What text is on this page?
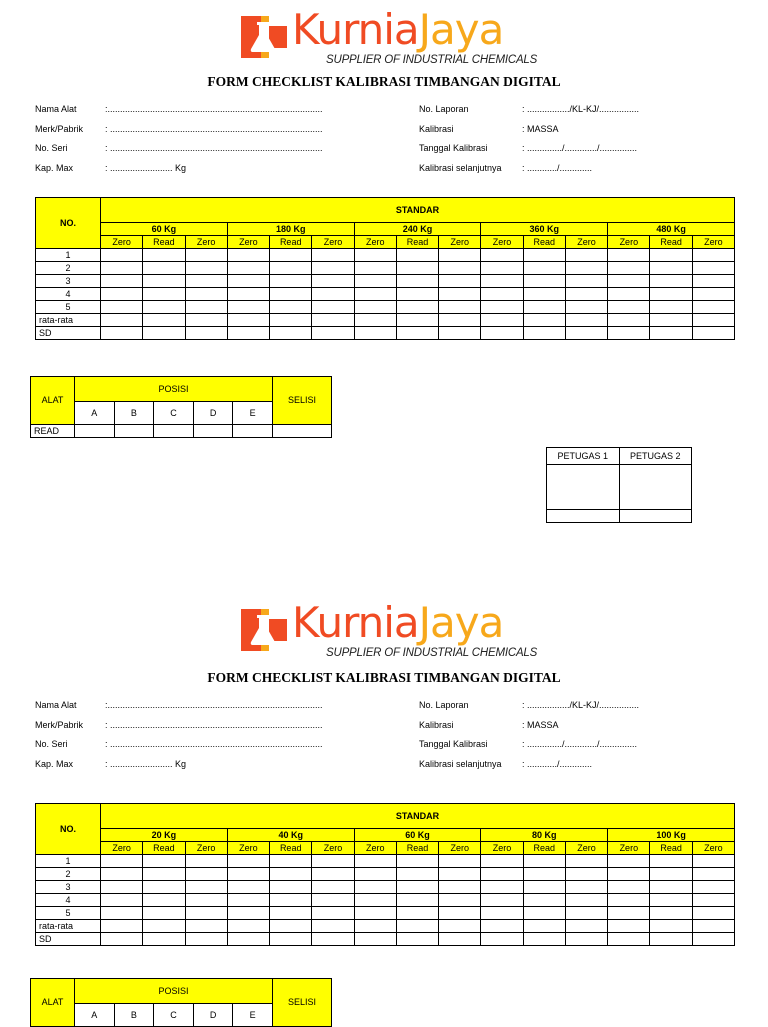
KurniaJaya
SUPPLIER OF INDUSTRIAL CHEMICALS
FORM CHECKLIST KALIBRASI TIMBANGAN DIGITAL
Nama Alat	:......................................................................................
Merk/Pabrik : .....................................................................................
No. Seri	: .....................................................................................
Kap. Max	: ......................... Kg
No. Laporan	: ................./KL-KJ/................
Kalibrasi	: MASSA
Tanggal Kalibrasi	: ............../............./...............
Kalibrasi selanjutnya : ............/.............
NO.	STANDAR														
	60 Kg			180 Kg			240 Kg			360 Kg			480 Kg		
	Zero	Read	Zero	Zero	Read	Zero	Zero	Read	Zero	Zero	Read	Zero	Zero	Read	Zero
1															
2															
3															
4															
5															
rata-rata															
SD															
ALAT	POSISI					SELISI
	A	B	C	D	E	
READ						
PETUGAS 1	PETUGAS 2

KurniaJaya
SUPPLIER OF INDUSTRIAL CHEMICALS
FORM CHECKLIST KALIBRASI TIMBANGAN DIGITAL
Nama Alat	:......................................................................................
Merk/Pabrik : .....................................................................................
No. Seri	: .....................................................................................
Kap. Max	: ......................... Kg
No. Laporan	: ................./KL-KJ/................
Kalibrasi	: MASSA
Tanggal Kalibrasi	: ............../............./...............
Kalibrasi selanjutnya : ............/.............
NO.	STANDAR														
	20 Kg			40 Kg			60 Kg			80 Kg			100 Kg		
	Zero	Read	Zero	Zero	Read	Zero	Zero	Read	Zero	Zero	Read	Zero	Zero	Read	Zero
1															
2															
3															
4															
5															
rata-rata															
SD															
ALAT	POSISI					SELISI
	A	B	C	D	E	
